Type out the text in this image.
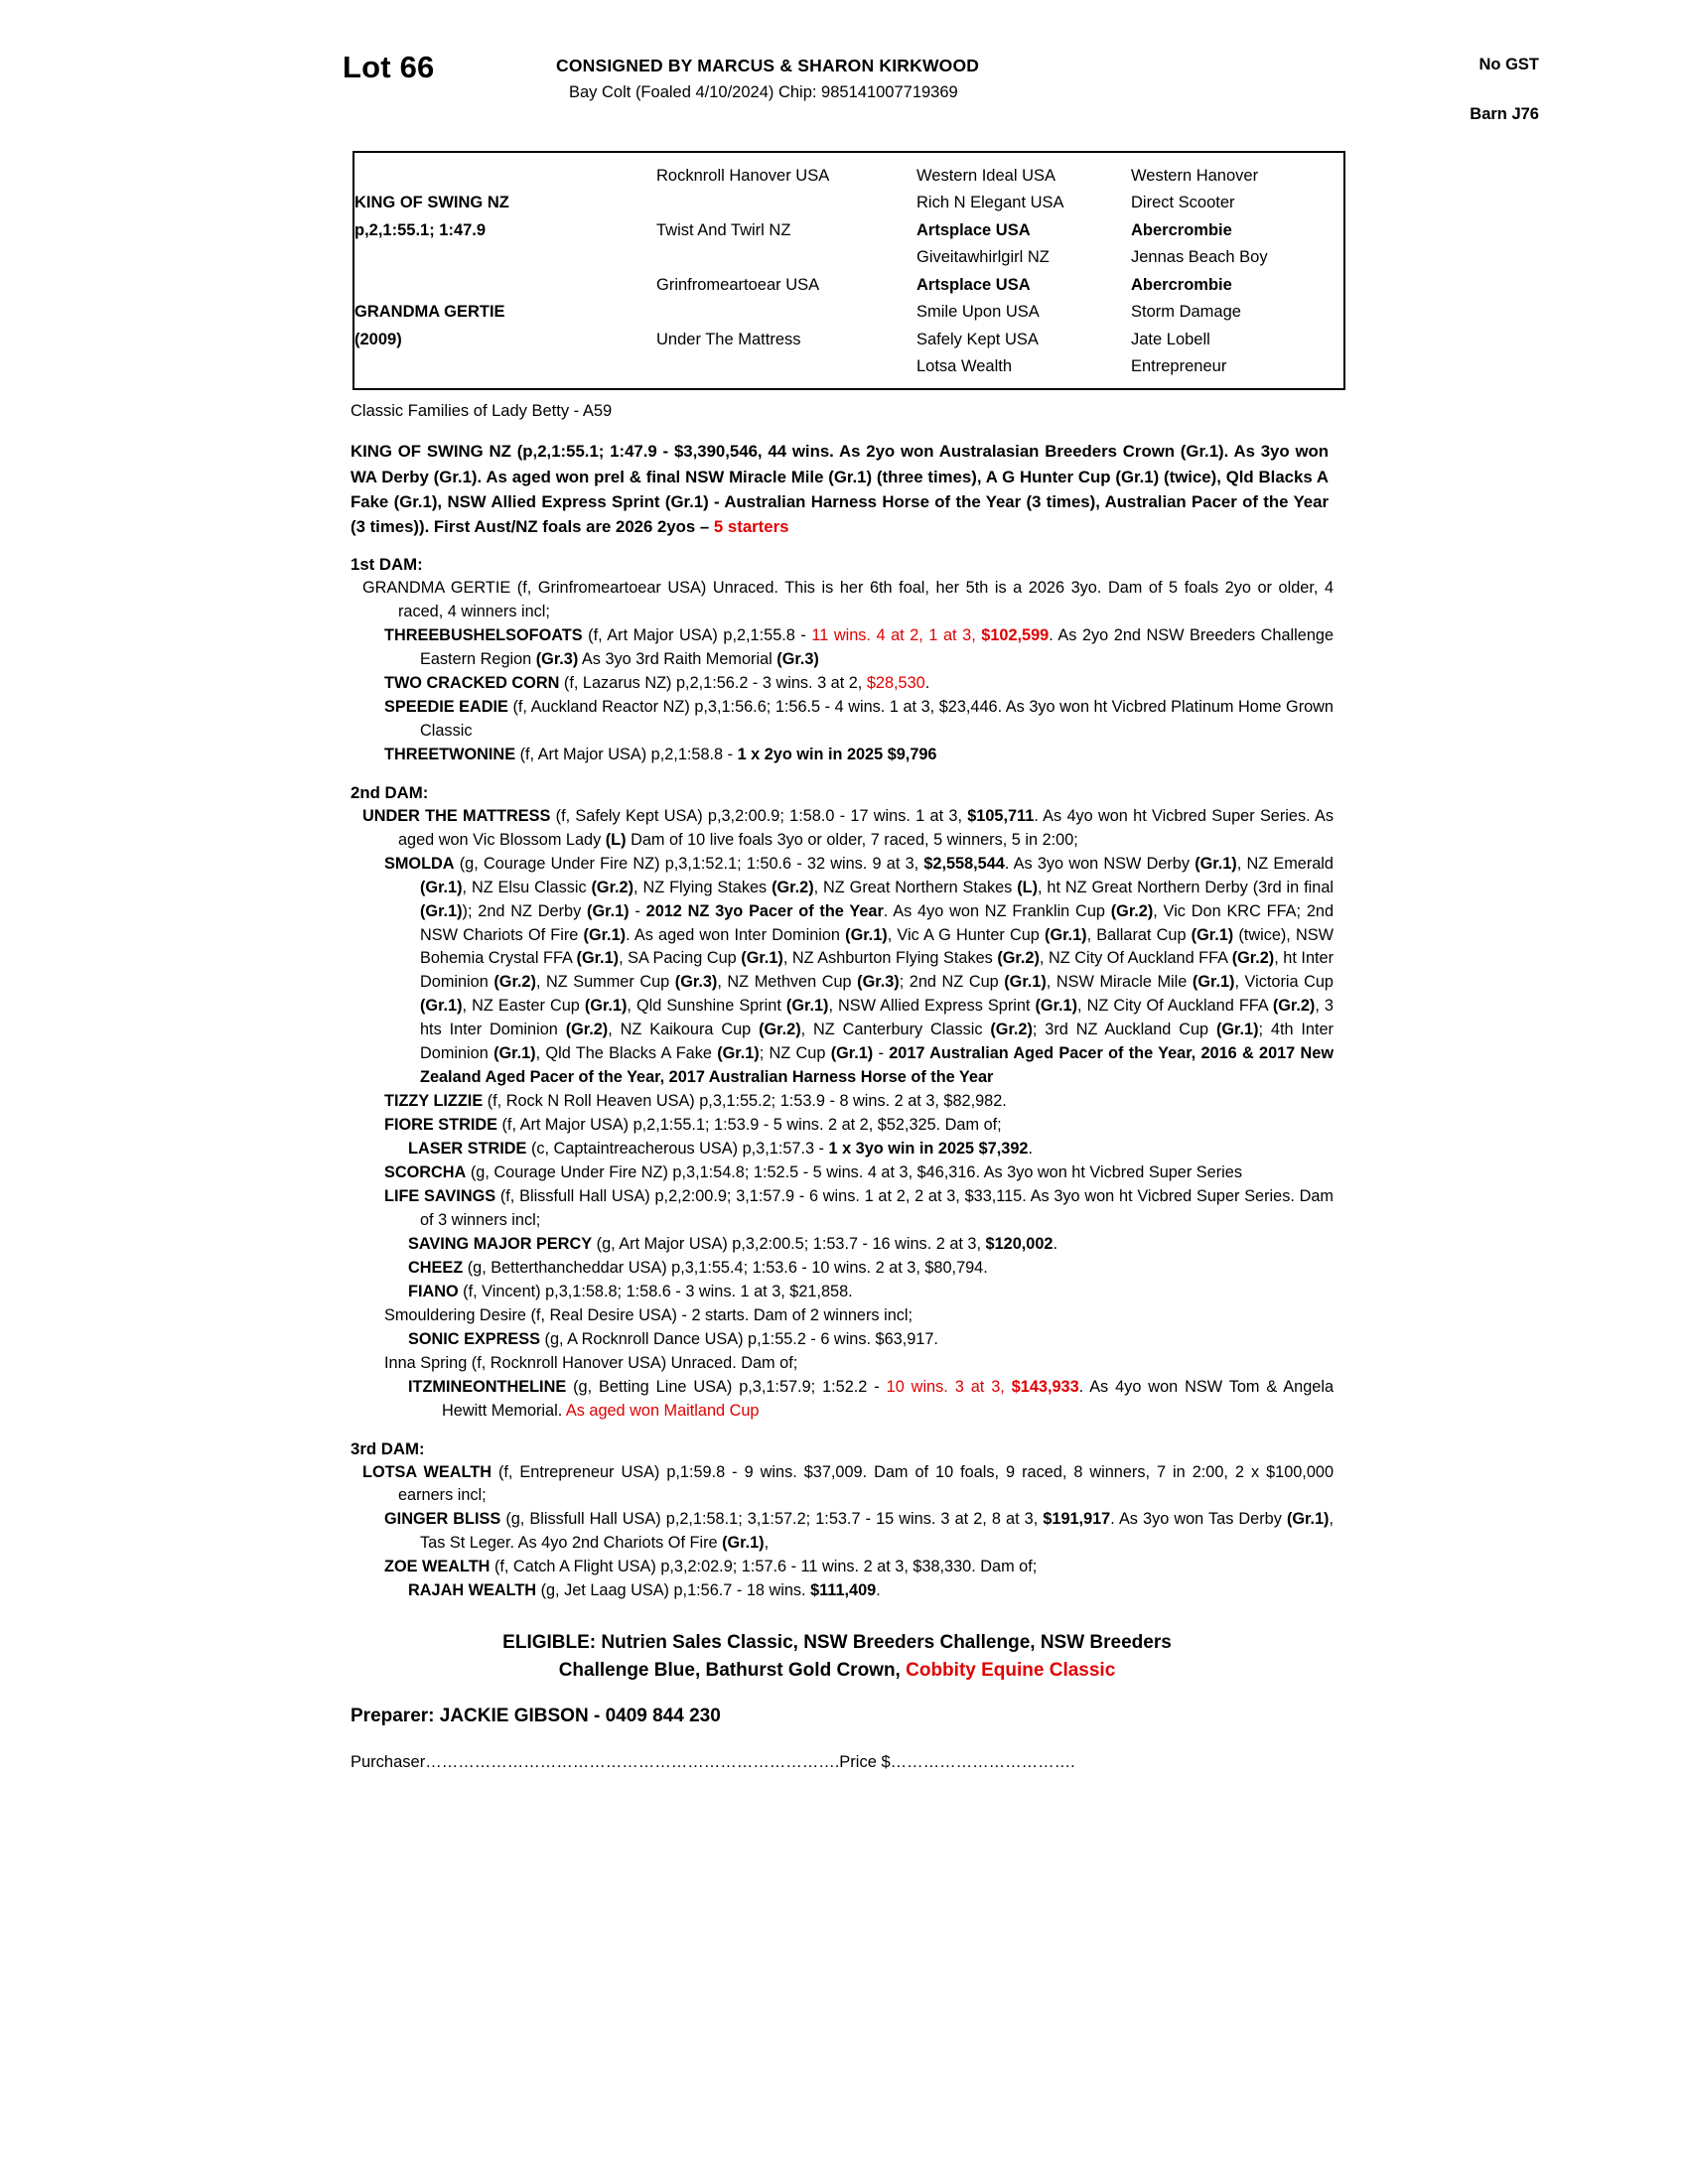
Lot 66	CONSIGNED BY MARCUS & SHARON KIRKWOOD
Bay Colt (Foaled 4/10/2024) Chip: 985141007719369
No GST
Barn J76
	Rocknroll Hanover USA	Western Ideal USA	Western Hanover
KING OF SWING NZ		Rich N Elegant USA	Direct Scooter
p,2,1:55.1; 1:47.9	Twist And Twirl NZ	Artsplace USA	Abercrombie
		Giveitawhirlgirl NZ	Jennas Beach Boy
	Grinfromeartoear USA	Artsplace USA	Abercrombie
GRANDMA GERTIE		Smile Upon USA	Storm Damage
(2009)	Under The Mattress	Safely Kept USA	Jate Lobell
		Lotsa Wealth	Entrepreneur
Classic Families of Lady Betty - A59
KING OF SWING NZ (p,2,1:55.1; 1:47.9 - $3,390,546, 44 wins. As 2yo won Australasian Breeders Crown (Gr.1). As 3yo won WA Derby (Gr.1). As aged won prel & final NSW Miracle Mile (Gr.1) (three times), A G Hunter Cup (Gr.1) (twice), Qld Blacks A Fake (Gr.1), NSW Allied Express Sprint (Gr.1) - Australian Harness Horse of the Year (3 times), Australian Pacer of the Year (3 times)). First Aust/NZ foals are 2026 2yos – 5 starters
1st DAM:
GRANDMA GERTIE (f, Grinfromeartoear USA) Unraced. This is her 6th foal, her 5th is a 2026 3yo. Dam of 5 foals 2yo or older, 4 raced, 4 winners incl;
THREEBUSHELSOFOATS (f, Art Major USA) p,2,1:55.8 - 11 wins. 4 at 2, 1 at 3, $102,599. As 2yo 2nd NSW Breeders Challenge Eastern Region (Gr.3) As 3yo 3rd Raith Memorial (Gr.3)
TWO CRACKED CORN (f, Lazarus NZ) p,2,1:56.2 - 3 wins. 3 at 2, $28,530.
SPEEDIE EADIE (f, Auckland Reactor NZ) p,3,1:56.6; 1:56.5 - 4 wins. 1 at 3, $23,446. As 3yo won ht Vicbred Platinum Home Grown Classic
THREETWONINE (f, Art Major USA) p,2,1:58.8 - 1 x 2yo win in 2025 $9,796
2nd DAM:
UNDER THE MATTRESS (f, Safely Kept USA) p,3,2:00.9; 1:58.0 - 17 wins. 1 at 3, $105,711. As 4yo won ht Vicbred Super Series. As aged won Vic Blossom Lady (L) Dam of 10 live foals 3yo or older, 7 raced, 5 winners, 5 in 2:00;
SMOLDA (g, Courage Under Fire NZ) p,3,1:52.1; 1:50.6 - 32 wins. 9 at 3, $2,558,544. As 3yo won NSW Derby (Gr.1), NZ Emerald (Gr.1), NZ Elsu Classic (Gr.2), NZ Flying Stakes (Gr.2), NZ Great Northern Stakes (L), ht NZ Great Northern Derby (3rd in final (Gr.1)); 2nd NZ Derby (Gr.1) - 2012 NZ 3yo Pacer of the Year. As 4yo won NZ Franklin Cup (Gr.2), Vic Don KRC FFA; 2nd NSW Chariots Of Fire (Gr.1). As aged won Inter Dominion (Gr.1), Vic A G Hunter Cup (Gr.1), Ballarat Cup (Gr.1) (twice), NSW Bohemia Crystal FFA (Gr.1), SA Pacing Cup (Gr.1), NZ Ashburton Flying Stakes (Gr.2), NZ City Of Auckland FFA (Gr.2), ht Inter Dominion (Gr.2), NZ Summer Cup (Gr.3), NZ Methven Cup (Gr.3); 2nd NZ Cup (Gr.1), NSW Miracle Mile (Gr.1), Victoria Cup (Gr.1), NZ Easter Cup (Gr.1), Qld Sunshine Sprint (Gr.1), NSW Allied Express Sprint (Gr.1), NZ City Of Auckland FFA (Gr.2), 3 hts Inter Dominion (Gr.2), NZ Kaikoura Cup (Gr.2), NZ Canterbury Classic (Gr.2); 3rd NZ Auckland Cup (Gr.1); 4th Inter Dominion (Gr.1), Qld The Blacks A Fake (Gr.1); NZ Cup (Gr.1) - 2017 Australian Aged Pacer of the Year, 2016 & 2017 New Zealand Aged Pacer of the Year, 2017 Australian Harness Horse of the Year
TIZZY LIZZIE (f, Rock N Roll Heaven USA) p,3,1:55.2; 1:53.9 - 8 wins. 2 at 3, $82,982.
FIORE STRIDE (f, Art Major USA) p,2,1:55.1; 1:53.9 - 5 wins. 2 at 2, $52,325. Dam of;
LASER STRIDE (c, Captaintreacherous USA) p,3,1:57.3 - 1 x 3yo win in 2025 $7,392.
SCORCHA (g, Courage Under Fire NZ) p,3,1:54.8; 1:52.5 - 5 wins. 4 at 3, $46,316. As 3yo won ht Vicbred Super Series
LIFE SAVINGS (f, Blissfull Hall USA) p,2,2:00.9; 3,1:57.9 - 6 wins. 1 at 2, 2 at 3, $33,115. As 3yo won ht Vicbred Super Series. Dam of 3 winners incl;
SAVING MAJOR PERCY (g, Art Major USA) p,3,2:00.5; 1:53.7 - 16 wins. 2 at 3, $120,002.
CHEEZ (g, Betterthancheddar USA) p,3,1:55.4; 1:53.6 - 10 wins. 2 at 3, $80,794.
FIANO (f, Vincent) p,3,1:58.8; 1:58.6 - 3 wins. 1 at 3, $21,858.
Smouldering Desire (f, Real Desire USA) - 2 starts. Dam of 2 winners incl;
SONIC EXPRESS (g, A Rocknroll Dance USA) p,1:55.2 - 6 wins. $63,917.
Inna Spring (f, Rocknroll Hanover USA) Unraced. Dam of;
ITZMINEONTHELINE (g, Betting Line USA) p,3,1:57.9; 1:52.2 - 10 wins. 3 at 3, $143,933. As 4yo won NSW Tom & Angela Hewitt Memorial. As aged won Maitland Cup
3rd DAM:
LOTSA WEALTH (f, Entrepreneur USA) p,1:59.8 - 9 wins. $37,009. Dam of 10 foals, 9 raced, 8 winners, 7 in 2:00, 2 x $100,000 earners incl;
GINGER BLISS (g, Blissfull Hall USA) p,2,1:58.1; 3,1:57.2; 1:53.7 - 15 wins. 3 at 2, 8 at 3, $191,917. As 3yo won Tas Derby (Gr.1), Tas St Leger. As 4yo 2nd Chariots Of Fire (Gr.1),
ZOE WEALTH (f, Catch A Flight USA) p,3,2:02.9; 1:57.6 - 11 wins. 2 at 3, $38,330. Dam of;
RAJAH WEALTH (g, Jet Laag USA) p,1:56.7 - 18 wins. $111,409.
ELIGIBLE: Nutrien Sales Classic, NSW Breeders Challenge, NSW Breeders
Challenge Blue, Bathurst Gold Crown, Cobbity Equine Classic
Preparer: JACKIE GIBSON - 0409 844 230
Purchaser………………………………………………………………….Price $…………………………….
